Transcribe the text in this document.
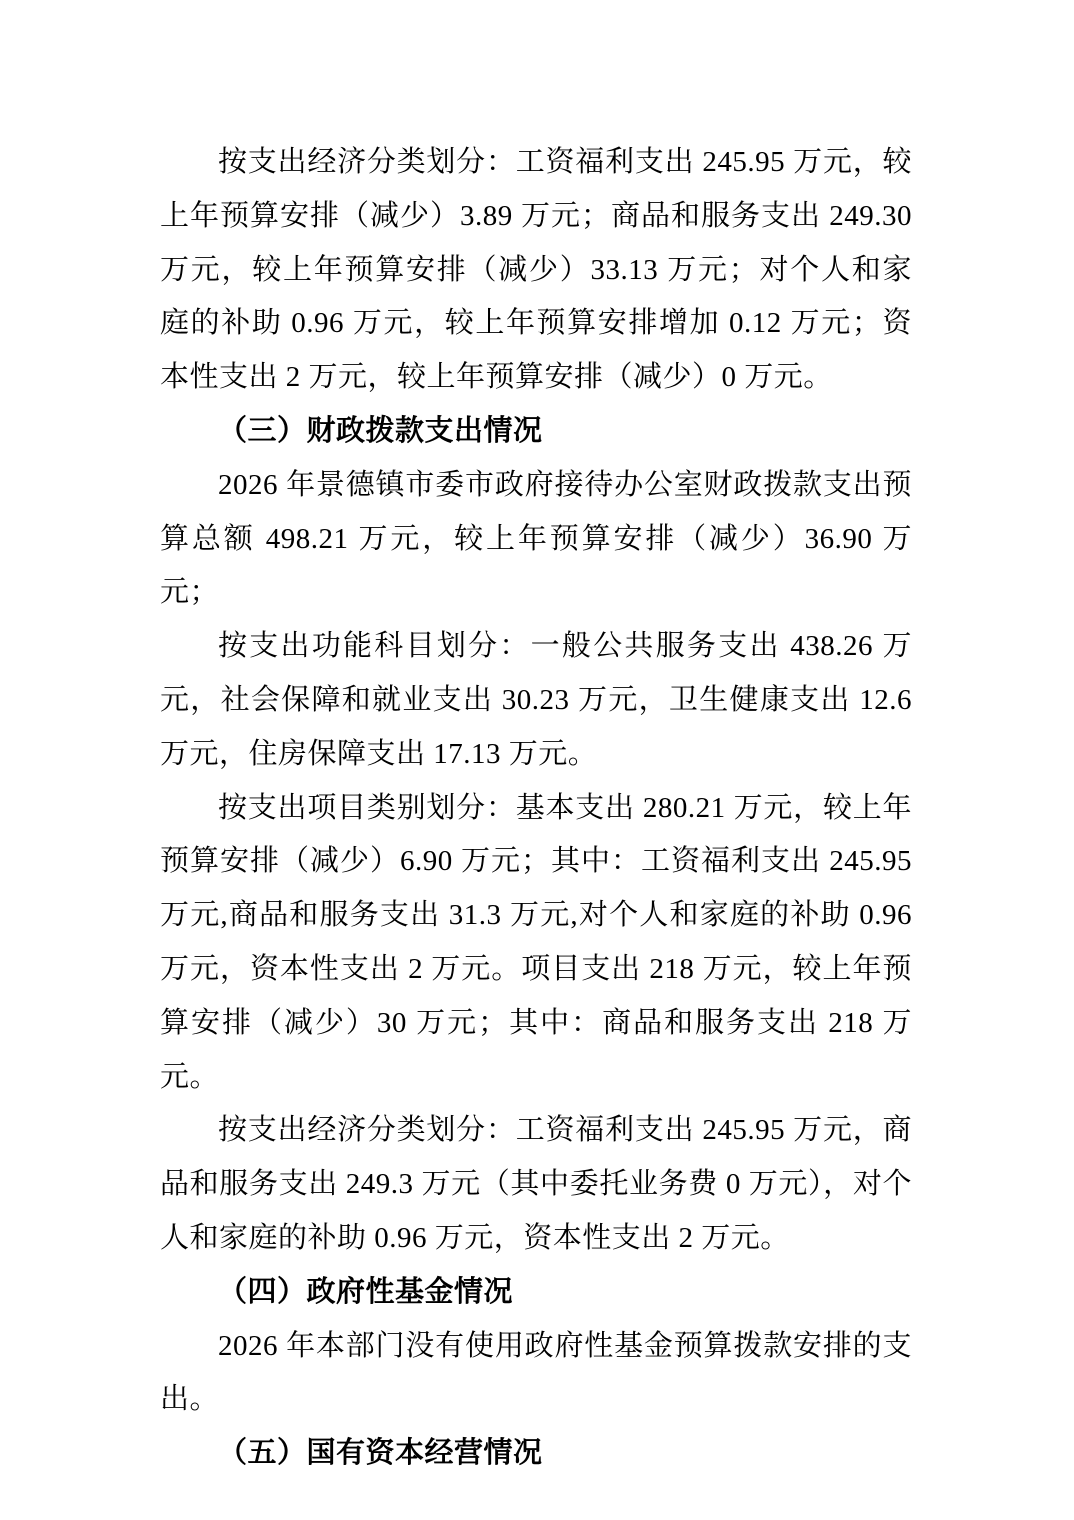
按支出经济分类划分：工资福利支出 245.95 万元，较上年预算安排（减少）3.89 万元；商品和服务支出 249.30 万元，较上年预算安排（减少）33.13 万元；对个人和家庭的补助 0.96 万元，较上年预算安排增加 0.12 万元；资本性支出 2 万元，较上年预算安排（减少）0 万元。

（三）财政拨款支出情况

2026 年景德镇市委市政府接待办公室财政拨款支出预算总额 498.21 万元，较上年预算安排（减少）36.90 万元；

按支出功能科目划分：一般公共服务支出 438.26 万元，社会保障和就业支出 30.23 万元，卫生健康支出 12.6 万元，住房保障支出 17.13 万元。

按支出项目类别划分：基本支出 280.21 万元，较上年预算安排（减少）6.90 万元；其中：工资福利支出 245.95 万元,商品和服务支出 31.3 万元,对个人和家庭的补助 0.96 万元，资本性支出 2 万元。项目支出 218 万元，较上年预算安排（减少）30 万元；其中：商品和服务支出 218 万元。

按支出经济分类划分：工资福利支出 245.95 万元，商品和服务支出 249.3 万元（其中委托业务费 0 万元），对个人和家庭的补助 0.96 万元，资本性支出 2 万元。

（四）政府性基金情况

2026 年本部门没有使用政府性基金预算拨款安排的支出。

（五）国有资本经营情况
